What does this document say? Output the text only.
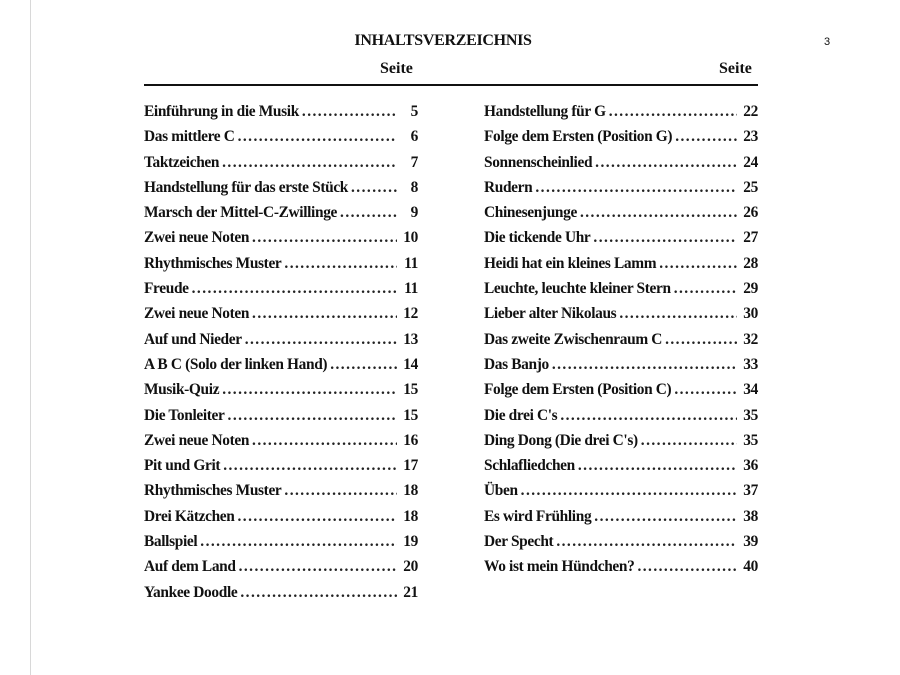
3
INHALTSVERZEICHNIS
Seite	Seite
Einführung in die Musik . . .	5
Das mittlere C . . .	6
Taktzeichen . . .	7
Handstellung für das erste Stück . . .	8
Marsch der Mittel-C-Zwillinge . . .	9
Zwei neue Noten . . .	10
Rhythmisches Muster . . .	11
Freude . . .	11
Zwei neue Noten . . .	12
Auf und Nieder . . .	13
A B C (Solo der linken Hand) . . .	14
Musik-Quiz . . .	15
Die Tonleiter . . .	15
Zwei neue Noten . . .	16
Pit und Grit . . .	17
Rhythmisches Muster . . .	18
Drei Kätzchen . . .	18
Ballspiel . . .	19
Auf dem Land . . .	20
Yankee Doodle . . .	21
Handstellung für G . . .	22
Folge dem Ersten (Position G) . . .	23
Sonnenscheinlied . . .	24
Rudern . . .	25
Chinesenjunge . . .	26
Die tickende Uhr . . .	27
Heidi hat ein kleines Lamm . . .	28
Leuchte, leuchte kleiner Stern . . .	29
Lieber alter Nikolaus . . .	30
Das zweite Zwischenraum C . . .	32
Das Banjo . . .	33
Folge dem Ersten (Position C) . . .	34
Die drei C's . . .	35
Ding Dong (Die drei C's) . . .	35
Schlafliedchen . . .	36
Üben . . .	37
Es wird Frühling . . .	38
Der Specht . . .	39
Wo ist mein Hündchen? . . .	40
